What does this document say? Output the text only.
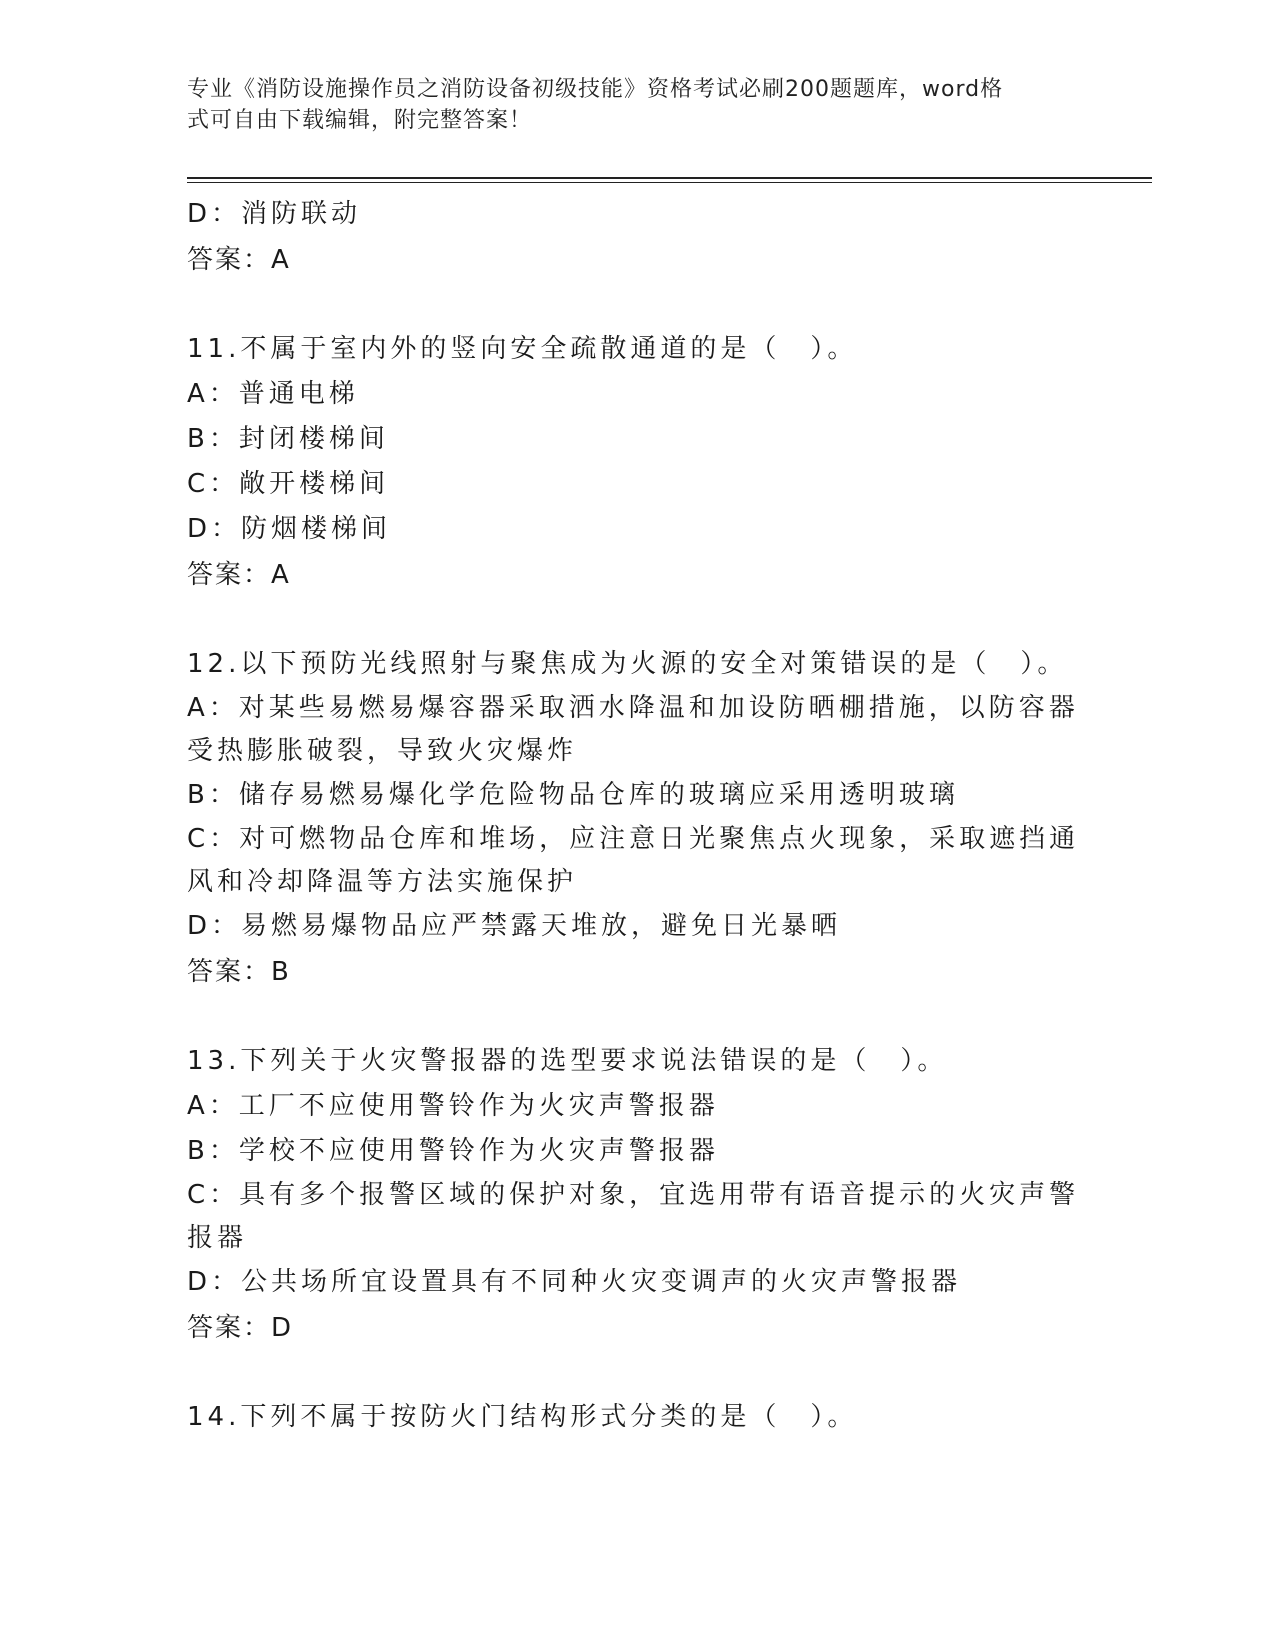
专业《消防设施操作员之消防设备初级技能》资格考试必刷200题题库，word格
式可自由下载编辑，附完整答案！
D：消防联动
答案：A
11.不属于室内外的竖向安全疏散通道的是（　）。
A：普通电梯
B：封闭楼梯间
C：敞开楼梯间
D：防烟楼梯间
答案：A
12.以下预防光线照射与聚焦成为火源的安全对策错误的是（　）。
A：对某些易燃易爆容器采取洒水降温和加设防晒棚措施，以防容器受热膨胀破裂，导致火灾爆炸
B：储存易燃易爆化学危险物品仓库的玻璃应采用透明玻璃
C：对可燃物品仓库和堆场，应注意日光聚焦点火现象，采取遮挡通风和冷却降温等方法实施保护
D：易燃易爆物品应严禁露天堆放，避免日光暴晒
答案：B
13.下列关于火灾警报器的选型要求说法错误的是（　）。
A：工厂不应使用警铃作为火灾声警报器
B：学校不应使用警铃作为火灾声警报器
C：具有多个报警区域的保护对象，宜选用带有语音提示的火灾声警报器
D：公共场所宜设置具有不同种火灾变调声的火灾声警报器
答案：D
14.下列不属于按防火门结构形式分类的是（　）。
